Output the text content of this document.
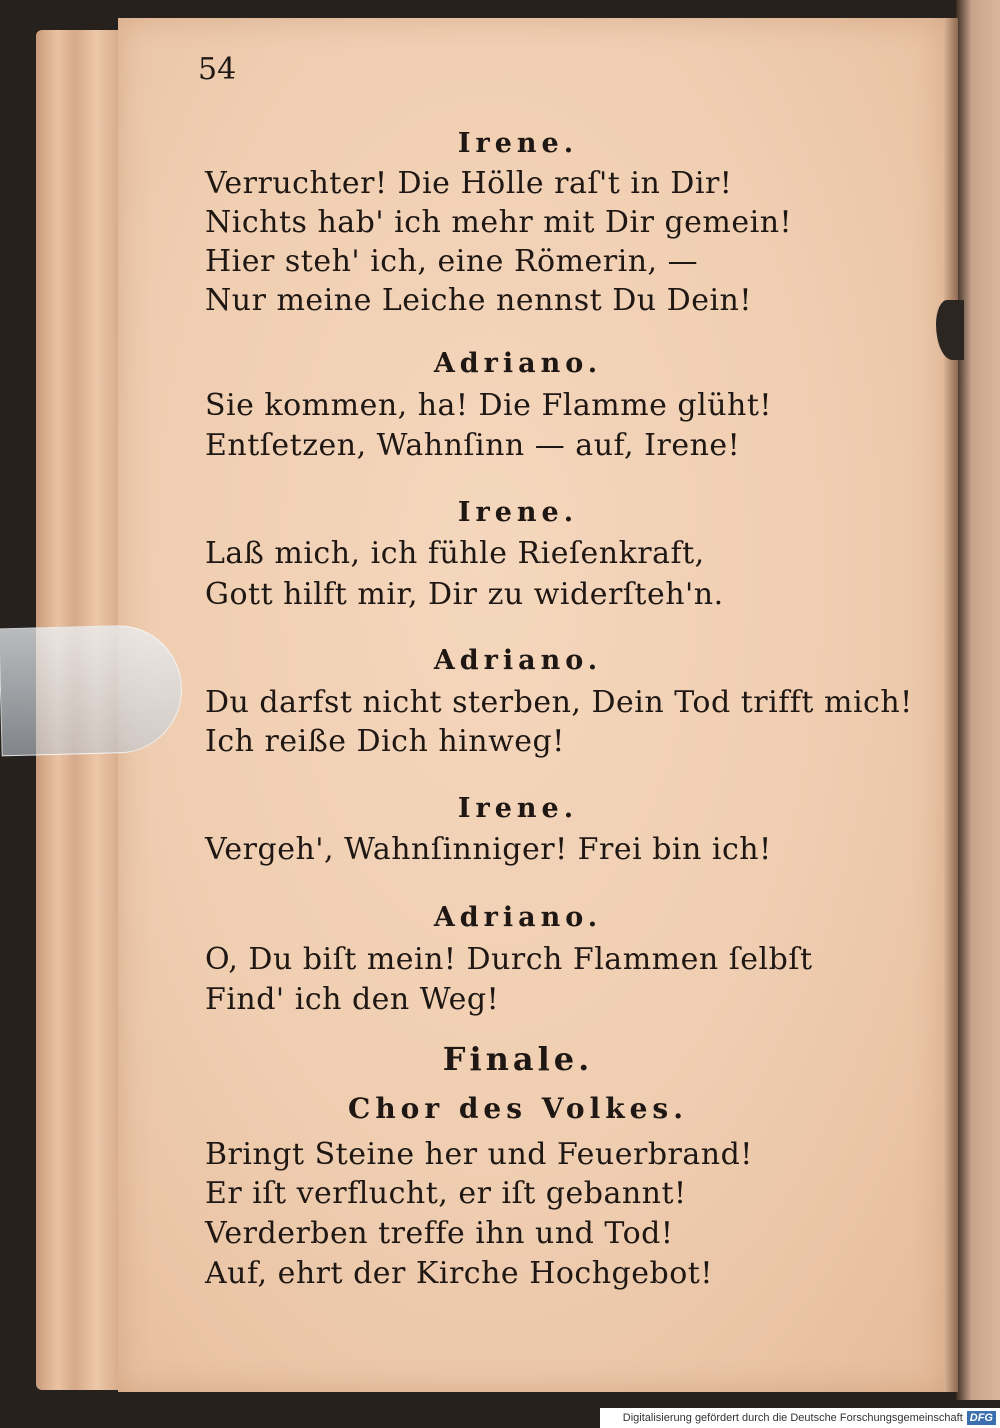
54
Irene.
Verruchter! Die Hölle raſ't in Dir!
Nichts hab' ich mehr mit Dir gemein!
Hier steh' ich, eine Römerin, —
Nur meine Leiche nennst Du Dein!
Adriano.
Sie kommen, ha! Die Flamme glüht!
Entſetzen, Wahnſinn — auf, Irene!
Irene.
Laß mich, ich fühle Rieſenkraft,
Gott hilft mir, Dir zu widerſteh'n.
Adriano.
Du darfst nicht sterben, Dein Tod trifft mich!
Ich reiße Dich hinweg!
Irene.
Vergeh', Wahnſinniger! Frei bin ich!
Adriano.
O, Du biſt mein! Durch Flammen ſelbſt
Find' ich den Weg!
Finale.
Chor des Volkes.
Bringt Steine her und Feuerbrand!
Er iſt verflucht, er iſt gebannt!
Verderben treffe ihn und Tod!
Auf, ehrt der Kirche Hochgebot!
Digitalisierung gefördert durch die Deutsche Forschungsgemeinschaft DFG
